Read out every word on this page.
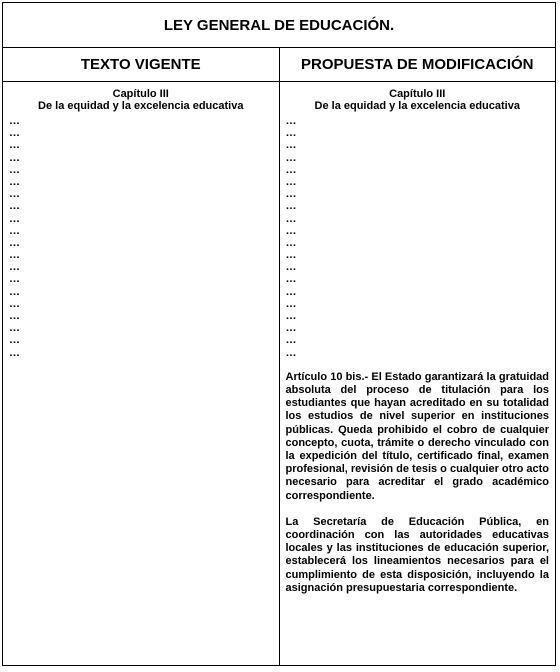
LEY GENERAL DE EDUCACIÓN.
TEXTO VIGENTE	PROPUESTA DE MODIFICACIÓN
Capítulo III
De la equidad y la excelencia educativa
…
…
…
…
…
…
…
…
…
…
…
…
…
…
…
…
…
…
…
…
Capítulo III
De la equidad y la excelencia educativa
…
…
…
…
…
…
…
…
…
…
…
…
…
…
…
…
…
…
…
…

Artículo 10 bis.- El Estado garantizará la gratuidad absoluta del proceso de titulación para los estudiantes que hayan acreditado en su totalidad los estudios de nivel superior en instituciones públicas. Queda prohibido el cobro de cualquier concepto, cuota, trámite o derecho vinculado con la expedición del título, certificado final, examen profesional, revisión de tesis o cualquier otro acto necesario para acreditar el grado académico correspondiente.

La Secretaría de Educación Pública, en coordinación con las autoridades educativas locales y las instituciones de educación superior, establecerá los lineamientos necesarios para el cumplimiento de esta disposición, incluyendo la asignación presupuestaria correspondiente.
